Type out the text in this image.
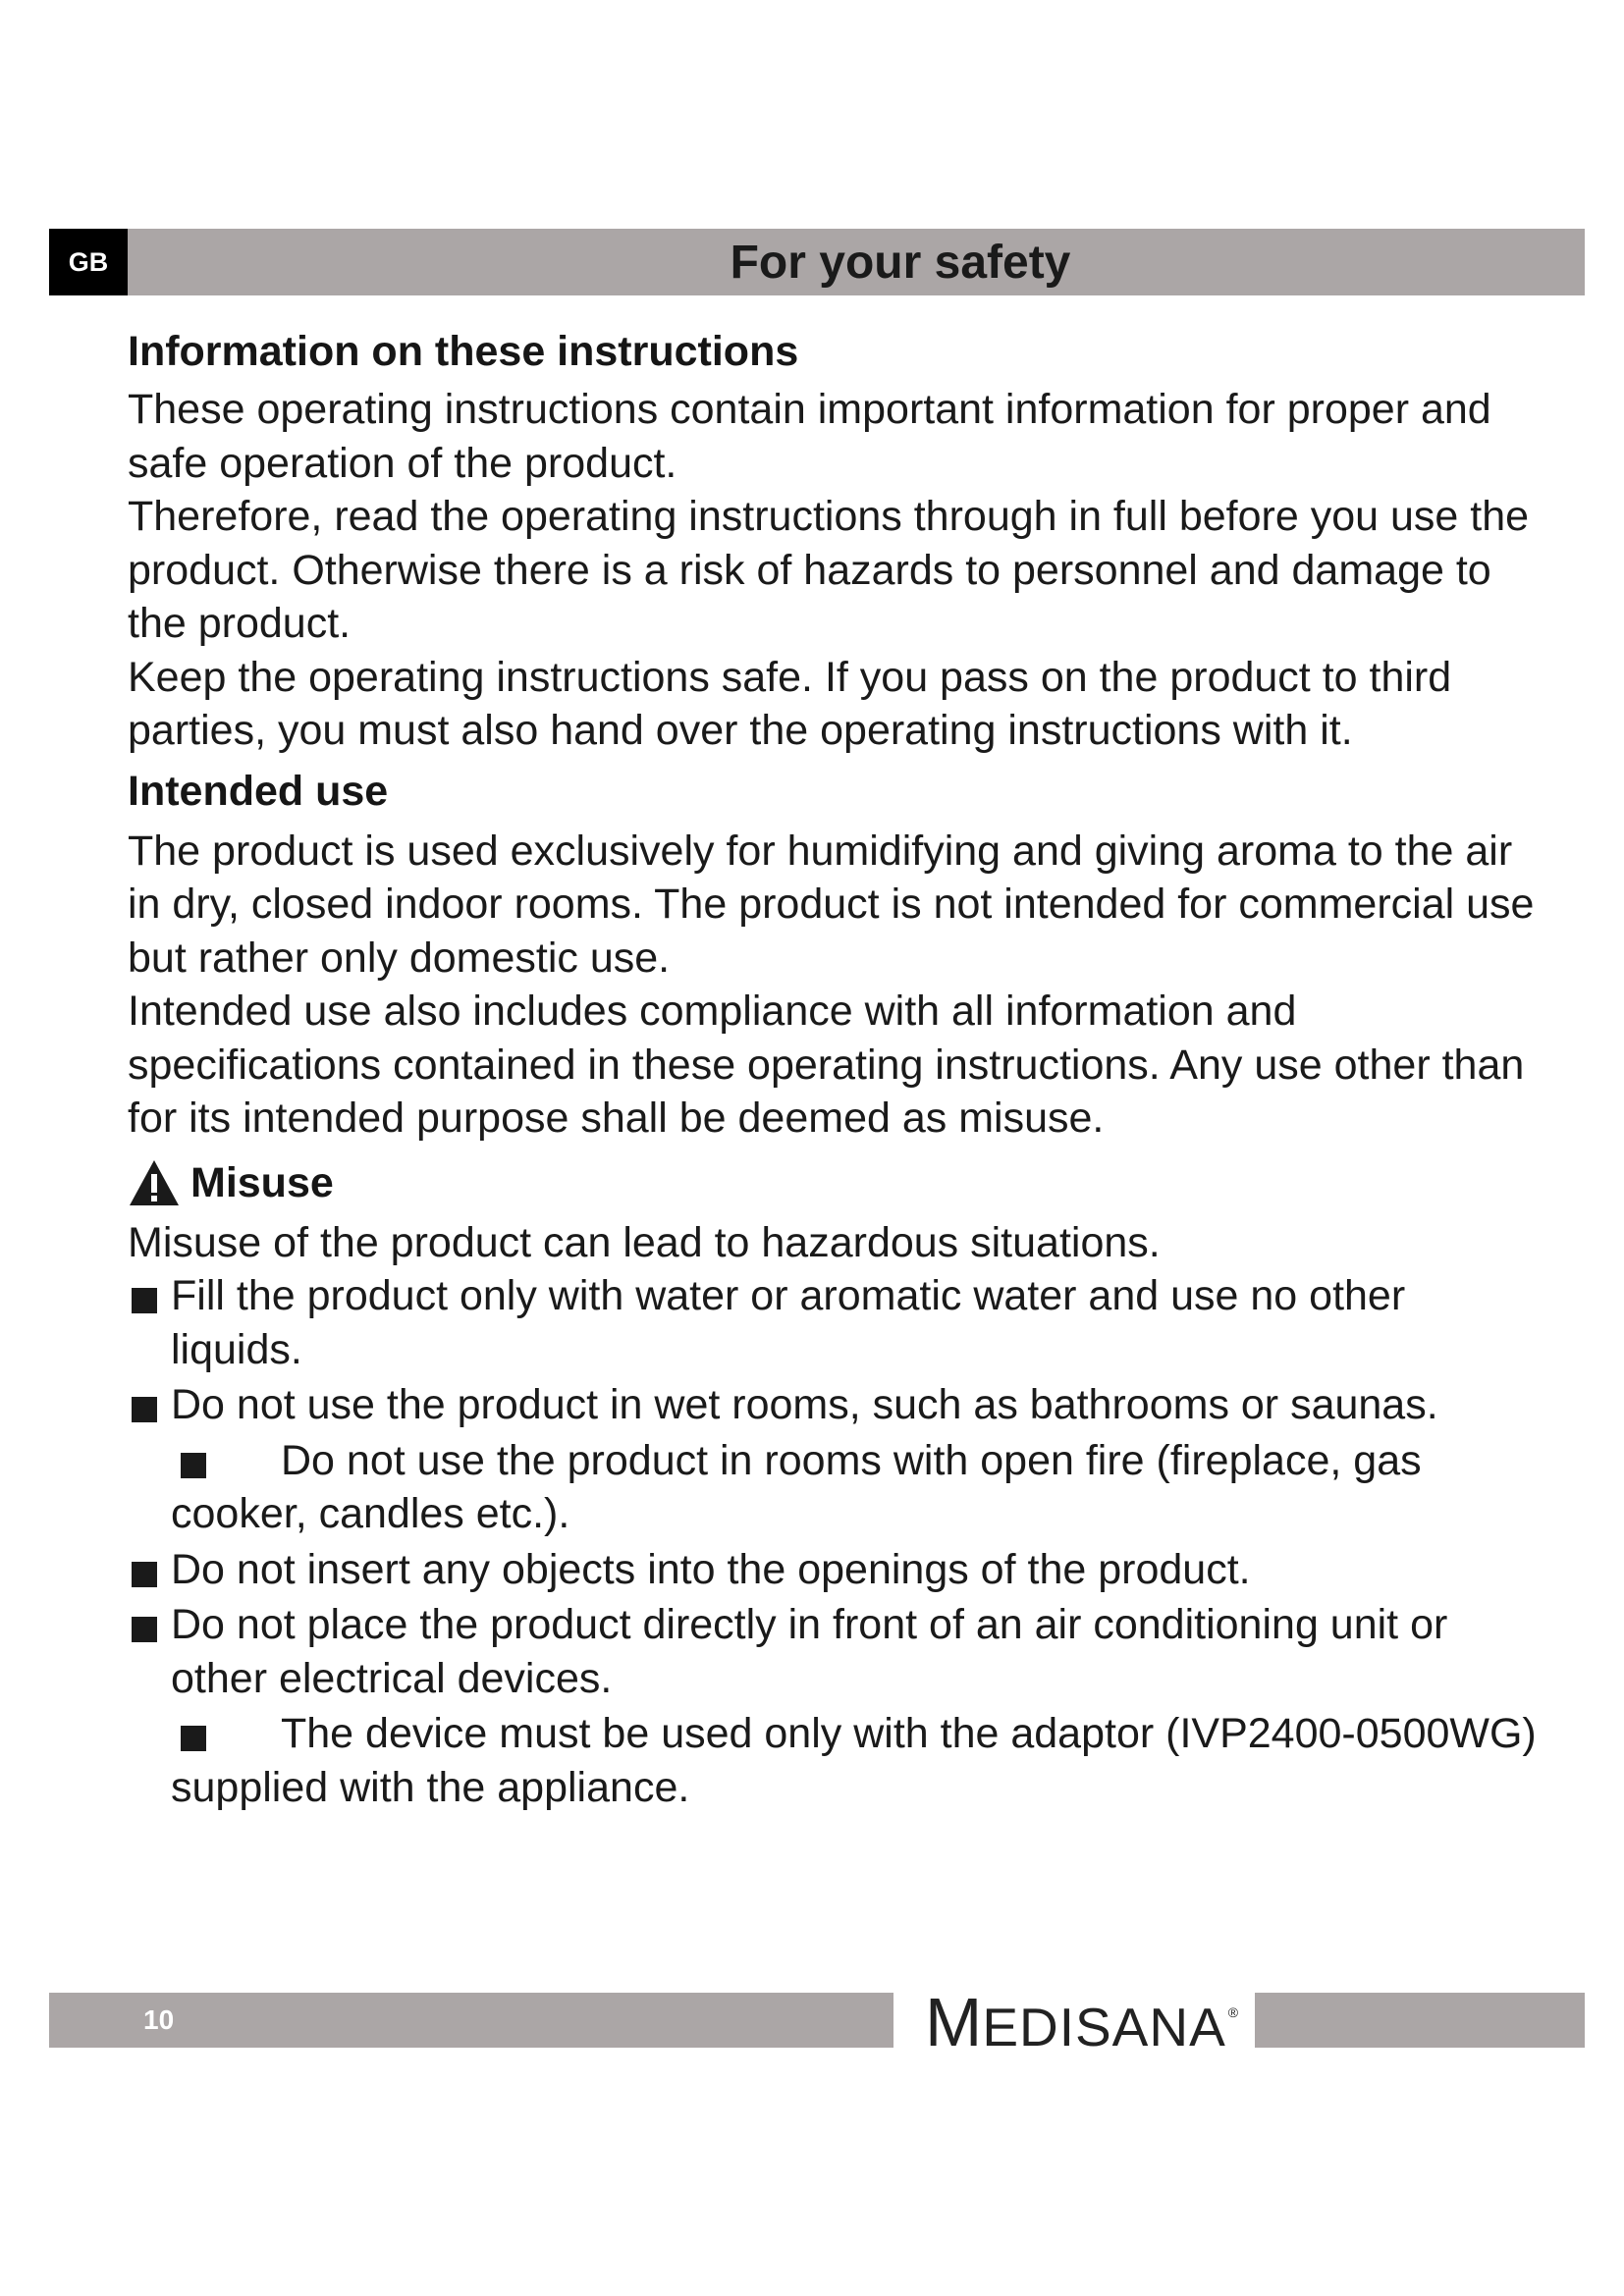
GB	For your safety
Information on these instructions

These operating instructions contain important information for proper and safe operation of the product.

Therefore, read the operating instructions through in full before you use the product. Otherwise there is a risk of hazards to personnel and damage to the product.

Keep the operating instructions safe. If you pass on the product to third parties, you must also hand over the operating instructions with it.

Intended use

The product is used exclusively for humidifying and giving aroma to the air in dry, closed indoor rooms. The product is not intended for commercial use but rather only domestic use.

Intended use also includes compliance with all information and specifications contained in these operating instructions. Any use other than for its intended purpose shall be deemed as misuse.

Misuse

Misuse of the product can lead to hazardous situations.

Fill the product only with water or aromatic water and use no other liquids.
Do not use the product in wet rooms, such as bathrooms or saunas.
Do not use the product in rooms with open fire (fireplace, gas cooker, candles etc.).
Do not insert any objects into the openings of the product.
Do not place the product directly in front of an air conditioning unit or other electrical devices.
The device must be used only with the adaptor (IVP2400-0500WG) supplied with the appliance.
10	M EDISANA ®
